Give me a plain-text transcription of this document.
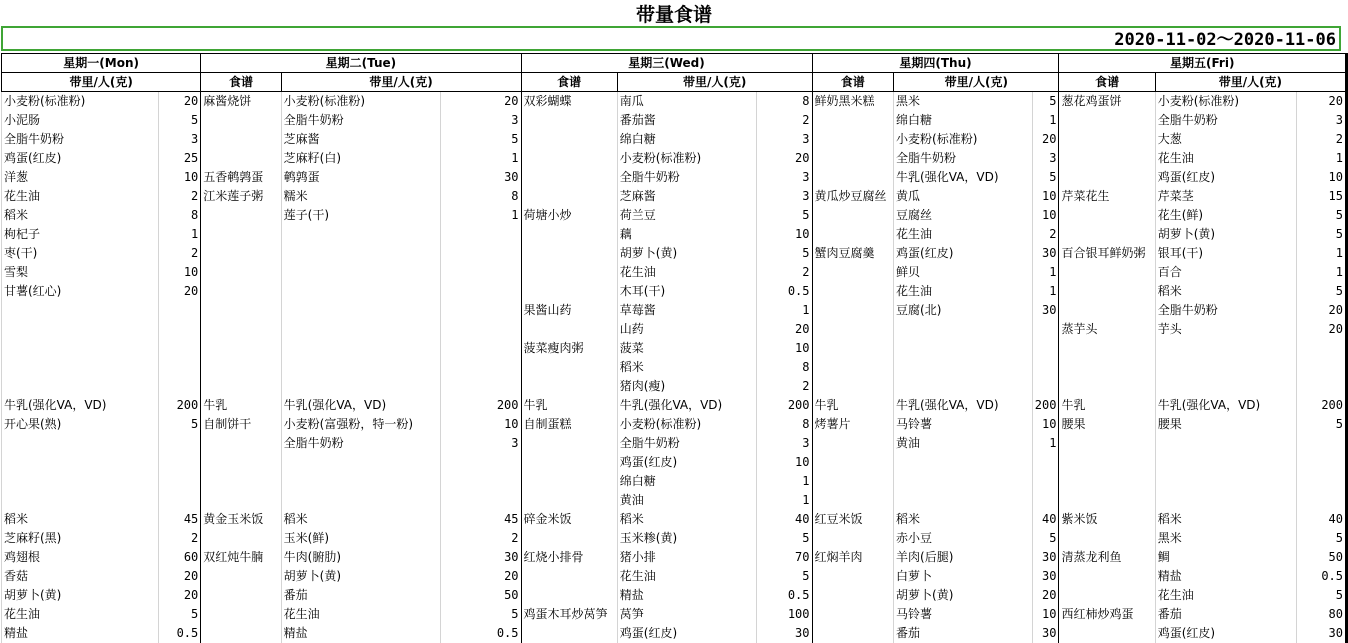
带量食谱
2020-11-02～2020-11-06
星期一(Mon)		星期二(Tue)			星期三(Wed)			星期四(Thu)			星期五(Fri)		
带里/人(克)		食谱	带里/人(克)		食谱	带里/人(克)		食谱	带里/人(克)		食谱	带里/人(克)	
小麦粉(标准粉)	20	麻酱烧饼	小麦粉(标准粉)	20	双彩蝴蝶	南瓜	8	鲜奶黑米糕	黑米	5	葱花鸡蛋饼	小麦粉(标准粉)	20
小泥肠	5		全脂牛奶粉	3		番茄酱	2		绵白糖	1		全脂牛奶粉	3
全脂牛奶粉	3		芝麻酱	5		绵白糖	3		小麦粉(标准粉)	20		大葱	2
鸡蛋(红皮)	25		芝麻籽(白)	1		小麦粉(标准粉)	20		全脂牛奶粉	3		花生油	1
洋葱	10	五香鹌鹑蛋	鹌鹑蛋	30		全脂牛奶粉	3		牛乳(强化VA，VD)	5		鸡蛋(红皮)	10
花生油	2	江米莲子粥	糯米	8		芝麻酱	3	黄瓜炒豆腐丝	黄瓜	10	芹菜花生	芹菜茎	15
稻米	8		莲子(干)	1	荷塘小炒	荷兰豆	5		豆腐丝	10		花生(鲜)	5
枸杞子	1					藕	10		花生油	2		胡萝卜(黄)	5
枣(干)	2					胡萝卜(黄)	5	蟹肉豆腐羹	鸡蛋(红皮)	30	百合银耳鲜奶粥	银耳(干)	1
雪梨	10					花生油	2		鲜贝	1		百合	1
甘薯(红心)	20					木耳(干)	0.5		花生油	1		稻米	5
					果酱山药	草莓酱	1		豆腐(北)	30		全脂牛奶粉	20
						山药	20				蒸芋头	芋头	20
					菠菜瘦肉粥	菠菜	10						
						稻米	8						
						猪肉(瘦)	2						
牛乳(强化VA，VD)	200	牛乳	牛乳(强化VA，VD)	200	牛乳	牛乳(强化VA，VD)	200	牛乳	牛乳(强化VA，VD)	200	牛乳	牛乳(强化VA，VD)	200
开心果(熟)	5	自制饼干	小麦粉(富强粉，特一粉)	10	自制蛋糕	小麦粉(标准粉)	8	烤薯片	马铃薯	10	腰果	腰果	5
			全脂牛奶粉	3		全脂牛奶粉	3		黄油	1			
						鸡蛋(红皮)	10						
						绵白糖	1						
						黄油	1						
稻米	45	黄金玉米饭	稻米	45	碎金米饭	稻米	40	红豆米饭	稻米	40	紫米饭	稻米	40
芝麻籽(黑)	2		玉米(鲜)	2		玉米糁(黄)	5		赤小豆	5		黑米	5
鸡翅根	60	双红炖牛腩	牛肉(腑肋)	30	红烧小排骨	猪小排	70	红焖羊肉	羊肉(后腿)	30	清蒸龙利鱼	鲷	50
香菇	20		胡萝卜(黄)	20		花生油	5		白萝卜	30		精盐	0.5
胡萝卜(黄)	20		番茄	50		精盐	0.5		胡萝卜(黄)	20		花生油	5
花生油	5		花生油	5	鸡蛋木耳炒莴笋	莴笋	100		马铃薯	10	西红柿炒鸡蛋	番茄	80
精盐	0.5		精盐	0.5		鸡蛋(红皮)	30		番茄	30		鸡蛋(红皮)	30
